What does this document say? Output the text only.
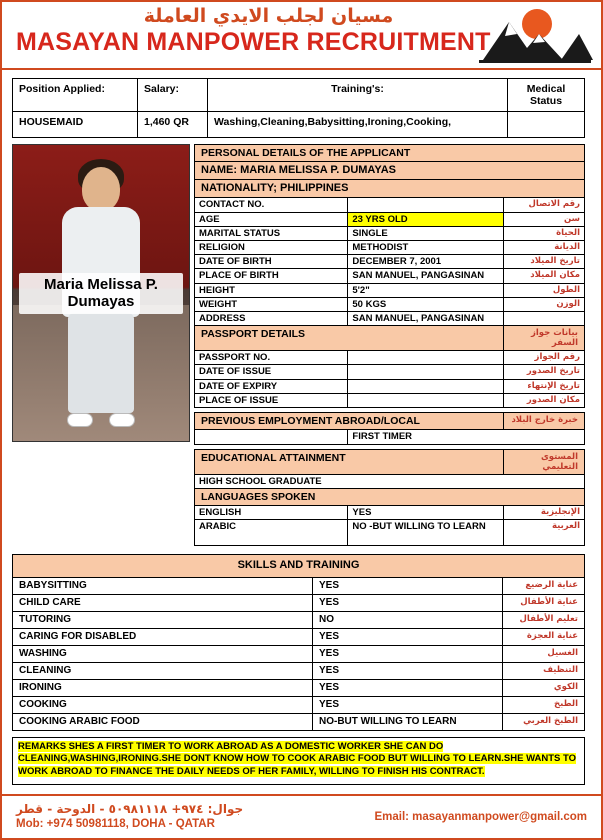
مسيان لجلب الايدي العاملة
MASAYAN MANPOWER RECRUITMENT
Position Applied:	Salary:	Training's:	Medical Status
HOUSEMAID	1,460 QR	Washing,Cleaning,Babysitting,Ironing,Cooking,	
Maria Melissa P. Dumayas
PERSONAL DETAILS OF THE APPLICANT		
NAME: MARIA MELISSA P. DUMAYAS		
NATIONALITY; PHILIPPINES		
CONTACT NO.		رقم الاتصال
AGE	23 YRS OLD	سن
MARITAL STATUS	SINGLE	الحياة
RELIGION	METHODIST	الديانة
DATE OF BIRTH	DECEMBER 7, 2001	تاريخ الميلاد
PLACE OF BIRTH	SAN MANUEL, PANGASINAN	مكان الميلاد
HEIGHT	5'2"	الطول
WEIGHT	50 KGS	الوزن
ADDRESS	SAN MANUEL, PANGASINAN	
PASSPORT DETAILS		بيانات جواز السفر
PASSPORT NO.		رقم الجواز
DATE OF ISSUE		تاريخ الصدور
DATE OF EXPIRY		تاريخ الإنتهاء
PLACE OF ISSUE		مكان الصدور

PREVIOUS EMPLOYMENT ABROAD/LOCAL		خبرة خارج البلاد
	FIRST TIMER	

EDUCATIONAL ATTAINMENT		المستوى التعليمي
HIGH SCHOOL GRADUATE		
LANGUAGES SPOKEN		
ENGLISH	YES	الإنجليزية
ARABIC	NO -BUT WILLING TO LEARN	العربية
SKILLS AND TRAINING		
BABYSITTING	YES	عناية الرضيع
CHILD CARE	YES	عناية الأطفال
TUTORING	NO	تعليم الأطفال
CARING FOR DISABLED	YES	عناية العجزة
WASHING	YES	الغسيل
CLEANING	YES	التنظيف
IRONING	YES	الكوي
COOKING	YES	الطبخ
COOKING ARABIC FOOD	NO-BUT WILLING TO LEARN	الطبخ العربي
REMARKS SHES A FIRST TIMER TO WORK ABROAD AS A DOMESTIC WORKER SHE CAN DO CLEANING,WASHING,IRONING.SHE DONT KNOW HOW TO COOK ARABIC FOOD BUT WILLING TO LEARN.SHE WANTS TO WORK ABROAD TO FINANCE THE DAILY NEEDS OF HER FAMILY, WILLING TO FINISH HIS CONTRACT.
جوال: ٩٧٤+ ٥٠٩٨١١١٨ - الدوحة - قطر
Mob: +974 50981118, DOHA - QATAR
Email: masayanmanpower@gmail.com
